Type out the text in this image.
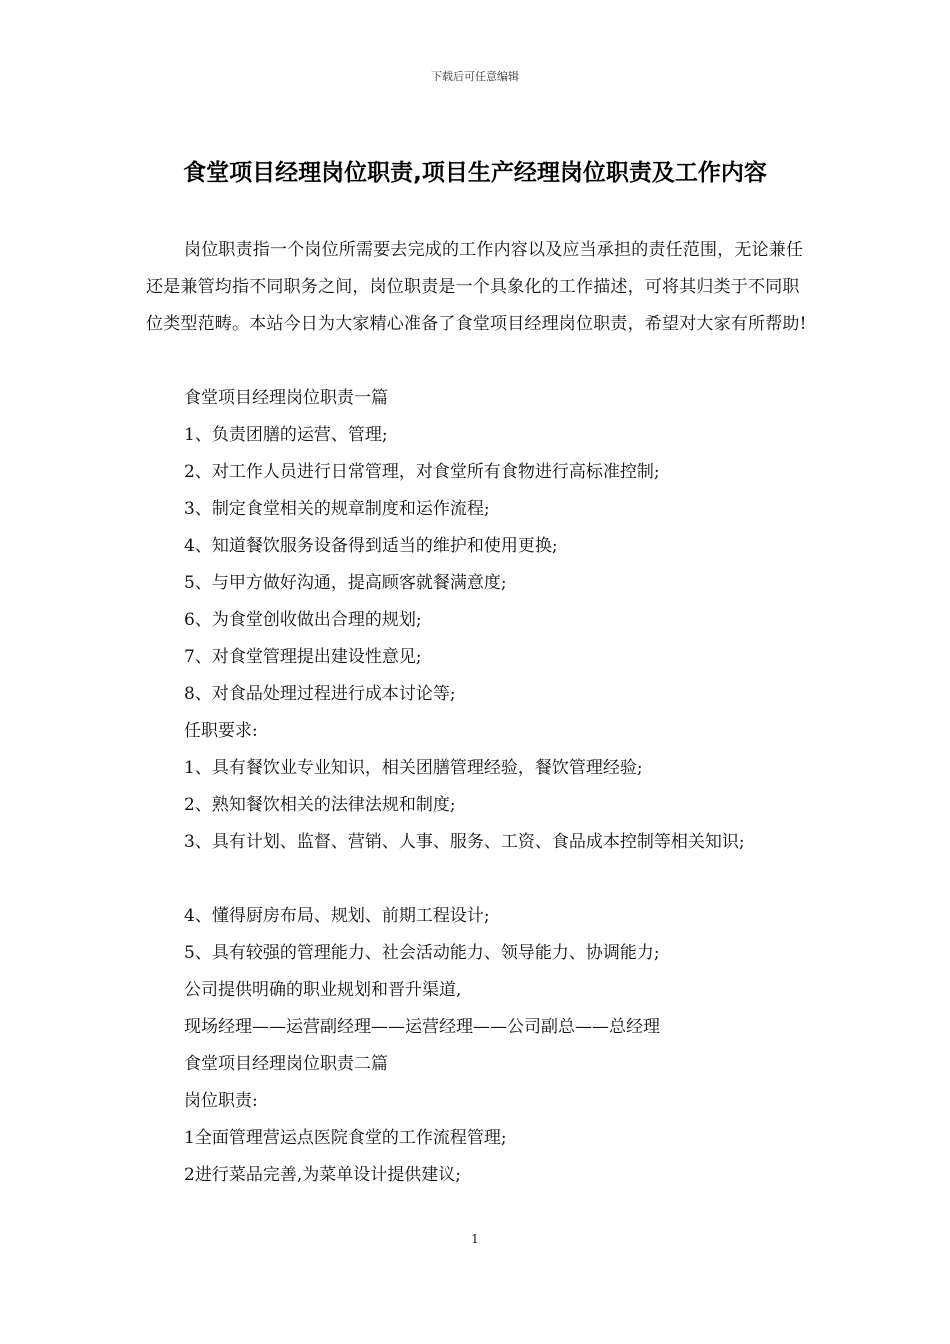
下载后可任意编辑
食堂项目经理岗位职责,项目生产经理岗位职责及工作内容

岗位职责指一个岗位所需要去完成的工作内容以及应当承担的责任范围，无论兼任还是兼管均指不同职务之间，岗位职责是一个具象化的工作描述，可将其归类于不同职位类型范畴。本站今日为大家精心准备了食堂项目经理岗位职责，希望对大家有所帮助!

食堂项目经理岗位职责一篇
1、负责团膳的运营、管理;
2、对工作人员进行日常管理，对食堂所有食物进行高标准控制;
3、制定食堂相关的规章制度和运作流程;
4、知道餐饮服务设备得到适当的维护和使用更换;
5、与甲方做好沟通，提高顾客就餐满意度;
6、为食堂创收做出合理的规划;
7、对食堂管理提出建设性意见;
8、对食品处理过程进行成本讨论等;
任职要求:
1、具有餐饮业专业知识，相关团膳管理经验，餐饮管理经验;
2、熟知餐饮相关的法律法规和制度;
3、具有计划、监督、营销、人事、服务、工资、食品成本控制等相关知识;
4、懂得厨房布局、规划、前期工程设计;
5、具有较强的管理能力、社会活动能力、领导能力、协调能力;
公司提供明确的职业规划和晋升渠道,
现场经理——运营副经理——运营经理——公司副总——总经理
食堂项目经理岗位职责二篇
岗位职责:
1全面管理营运点医院食堂的工作流程管理;
2进行菜品完善,为菜单设计提供建议;
1
